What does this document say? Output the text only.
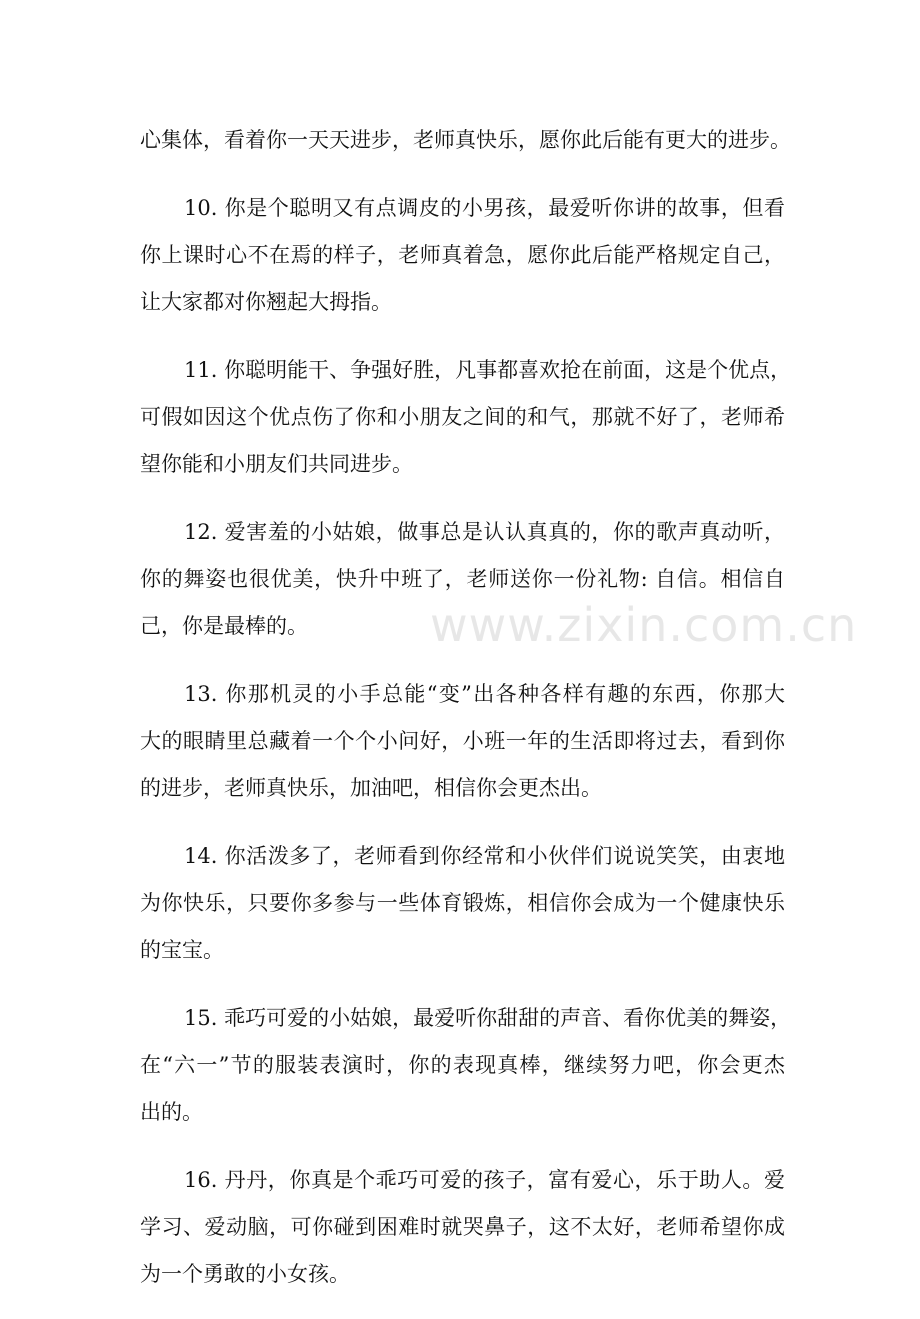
心集体，看着你一天天进步，老师真快乐，愿你此后能有更大的进步。
10. 你是个聪明又有点调皮的小男孩，最爱听你讲的故事，但看
你上课时心不在焉的样子，老师真着急，愿你此后能严格规定自己，
让大家都对你翘起大拇指。
11. 你聪明能干、争强好胜，凡事都喜欢抢在前面，这是个优点，
可假如因这个优点伤了你和小朋友之间的和气，那就不好了，老师希
望你能和小朋友们共同进步。
12. 爱害羞的小姑娘，做事总是认认真真的，你的歌声真动听，
你的舞姿也很优美，快升中班了，老师送你一份礼物: 自信。相信自
己，你是最棒的。
13. 你那机灵的小手总能“变”出各种各样有趣的东西，你那大
大的眼睛里总藏着一个个小问好，小班一年的生活即将过去，看到你
的进步，老师真快乐，加油吧，相信你会更杰出。
14. 你活泼多了，老师看到你经常和小伙伴们说说笑笑，由衷地
为你快乐，只要你多参与一些体育锻炼，相信你会成为一个健康快乐
的宝宝。
15. 乖巧可爱的小姑娘，最爱听你甜甜的声音、看你优美的舞姿，
在“六一”节的服装表演时，你的表现真棒，继续努力吧，你会更杰
出的。
16. 丹丹，你真是个乖巧可爱的孩子，富有爱心，乐于助人。爱
学习、爱动脑，可你碰到困难时就哭鼻子，这不太好，老师希望你成
为一个勇敢的小女孩。
www.zixin.com.cn
